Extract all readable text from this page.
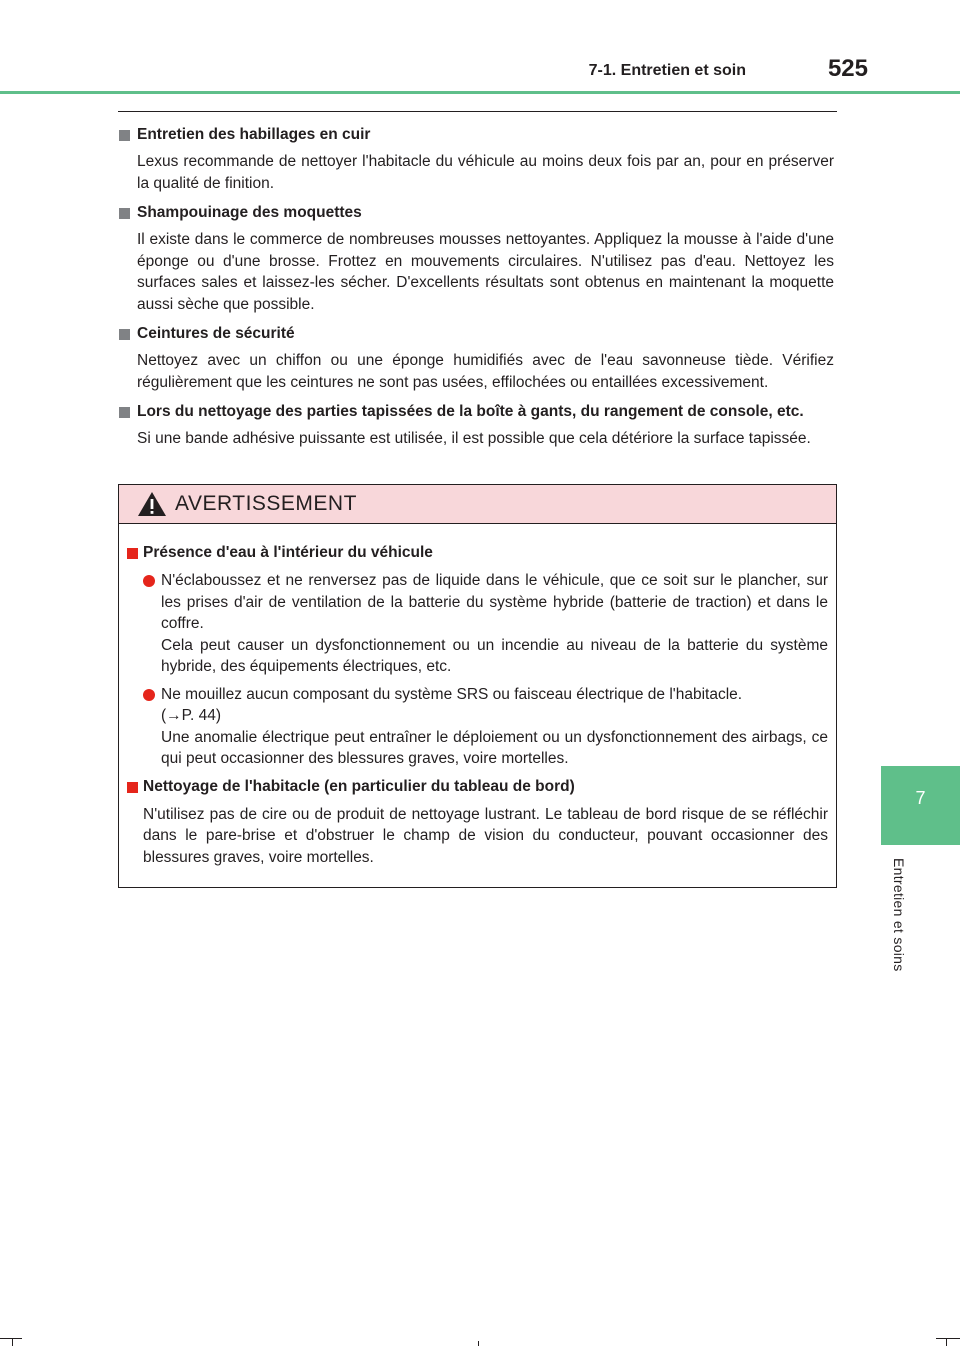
7-1. Entretien et soin	525
7
Entretien et soins
Entretien des habillages en cuir
Lexus recommande de nettoyer l'habitacle du véhicule au moins deux fois par an, pour en préserver la qualité de finition.
Shampouinage des moquettes
Il existe dans le commerce de nombreuses mousses nettoyantes. Appliquez la mousse à l'aide d'une éponge ou d'une brosse. Frottez en mouvements circulaires. N'utilisez pas d'eau. Nettoyez les surfaces sales et laissez-les sécher. D'excellents résultats sont obtenus en maintenant la moquette aussi sèche que possible.
Ceintures de sécurité
Nettoyez avec un chiffon ou une éponge humidifiés avec de l'eau savonneuse tiède. Vérifiez régulièrement que les ceintures ne sont pas usées, effilochées ou entaillées excessivement.
Lors du nettoyage des parties tapissées de la boîte à gants, du rangement de console, etc.
Si une bande adhésive puissante est utilisée, il est possible que cela détériore la surface tapissée.
AVERTISSEMENT
Présence d'eau à l'intérieur du véhicule
N'éclaboussez et ne renversez pas de liquide dans le véhicule, que ce soit sur le plancher, sur les prises d'air de ventilation de la batterie du système hybride (batterie de traction) et dans le coffre.
Cela peut causer un dysfonctionnement ou un incendie au niveau de la batterie du système hybride, des équipements électriques, etc.
Ne mouillez aucun composant du système SRS ou faisceau électrique de l'habitacle.
(→P. 44)
Une anomalie électrique peut entraîner le déploiement ou un dysfonctionnement des airbags, ce qui peut occasionner des blessures graves, voire mortelles.
Nettoyage de l'habitacle (en particulier du tableau de bord)
N'utilisez pas de cire ou de produit de nettoyage lustrant. Le tableau de bord risque de se réfléchir dans le pare-brise et d'obstruer le champ de vision du conducteur, pouvant occasionner des blessures graves, voire mortelles.
